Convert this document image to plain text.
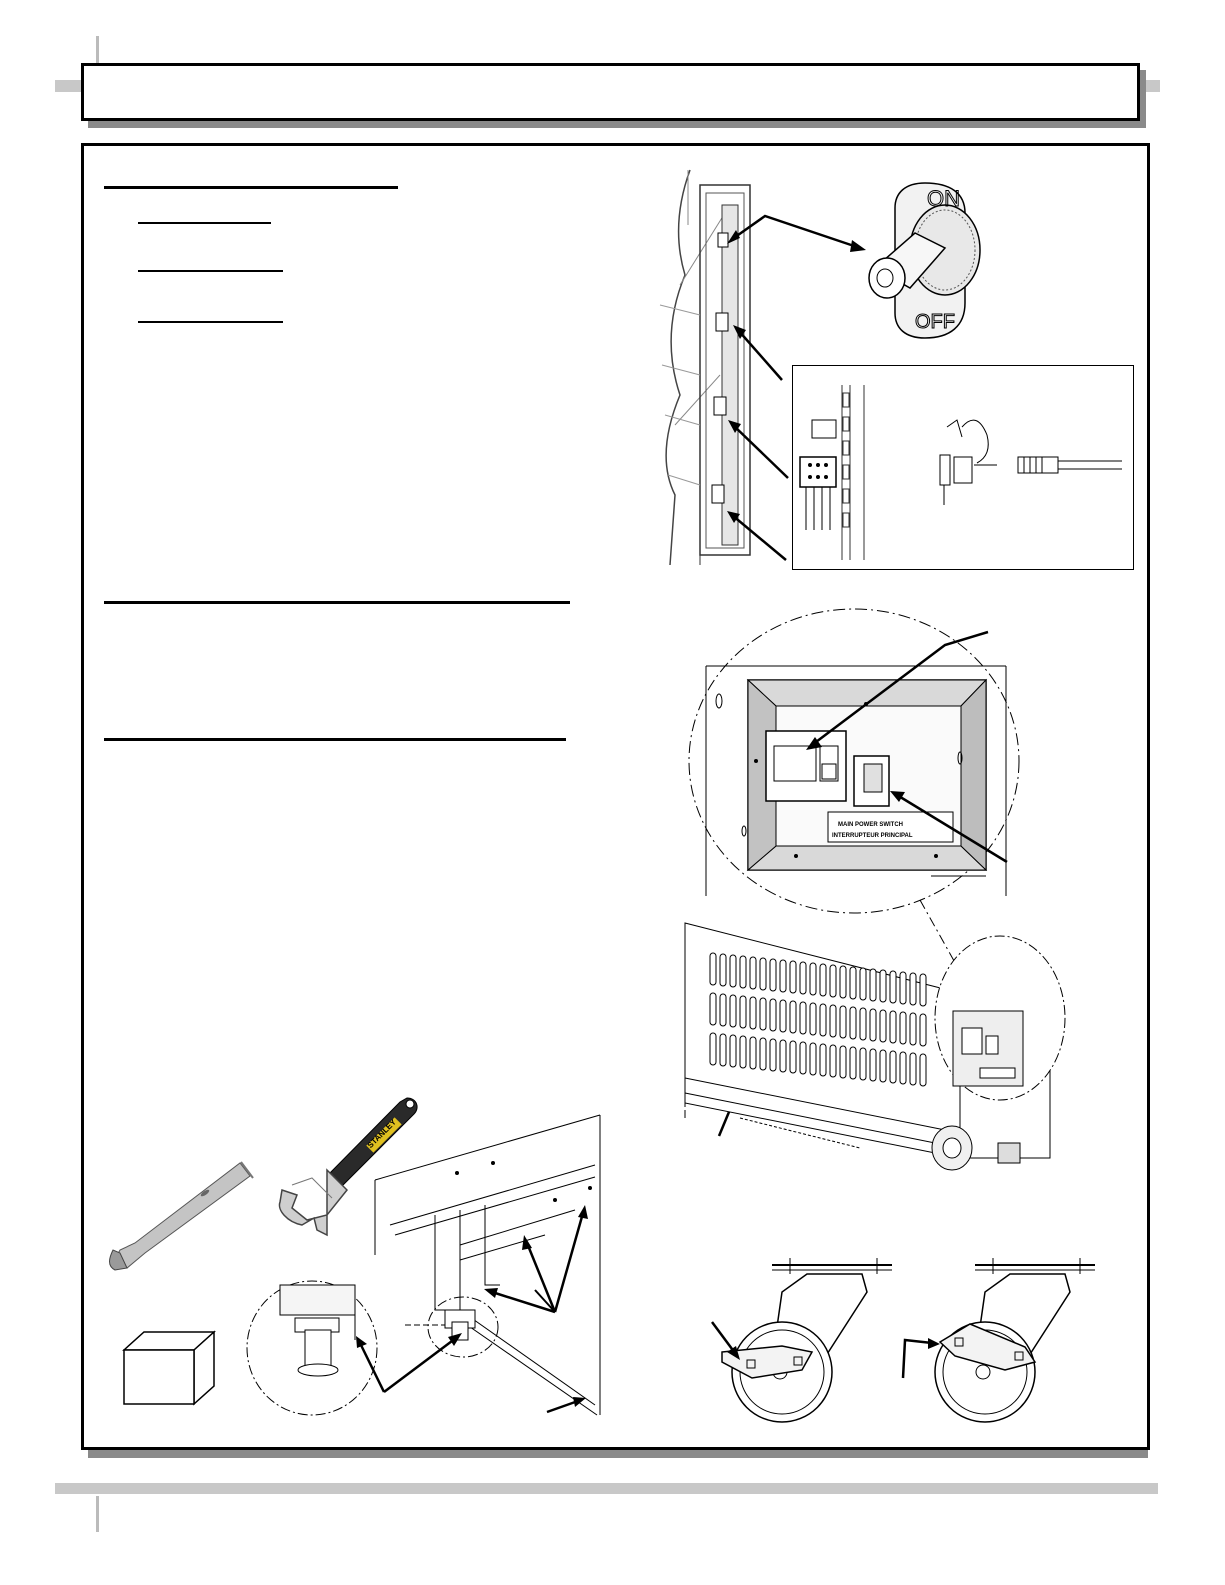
ON
OFF
MAIN POWER SWITCH
INTERRUPTEUR PRINCIPAL
STANLEY
